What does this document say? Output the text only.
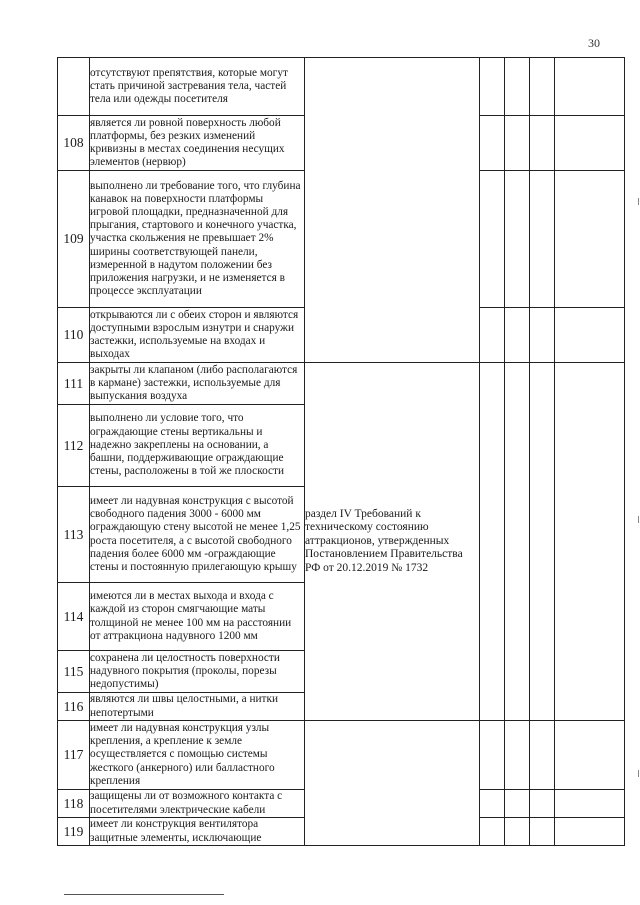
30
	отсутствуют препятствия, которые могут стать причиной застревания тела, частей тела или одежды посетителя					
108	является ли ровной поверхность любой платформы, без резких изменений кривизны в местах соединения несущих элементов (нервюр)					
109	выполнено ли требование того, что глубина канавок на поверхности платформы игровой площадки, предназначенной для прыгания, стартового и конечного участка, участка скольжения не превышает 2% ширины соответствующей панели, измеренной в надутом положении без приложения нагрузки, и не изменяется в процессе эксплуатации					
110	открываются ли с обеих сторон и являются доступными взрослым изнутри и снаружи застежки, используемые на входах и выходах					
111	закрыты ли клапаном (либо располагаются в кармане) застежки, используемые для выпускания воздуха	раздел IV Требований к техническому состоянию аттракционов, утвержденных Постановлением Правительства РФ от 20.12.2019 № 1732				

112	выполнено ли условие того, что ограждающие стены вертикальны и надежно закреплены на основании, а башни, поддерживающие ограждающие стены, расположены в той же плоскости					
113	имеет ли надувная конструкция с высотой свободного падения 3000 - 6000 мм ограждающую стену высотой не менее 1,25 роста посетителя, а с высотой свободного падения более 6000 мм -ограждающие стены и постоянную прилегающую крышу					
114	имеются ли в местах выхода и входа с каждой из сторон смягчающие маты толщиной не менее 100 мм на расстоянии от аттракциона надувного 1200 мм					
115	сохранена ли целостность поверхности надувного покрытия (проколы, порезы недопустимы)					
116	являются ли швы целостными, а нитки непотертыми					
117	имеет ли надувная конструкция узлы крепления, а крепление к земле осуществляется с помощью системы жесткого (анкерного) или балластного крепления					
118	защищены ли от возможного контакта с посетителями электрические кабели					
119	имеет ли конструкция вентилятора защитные элементы, исключающие					
